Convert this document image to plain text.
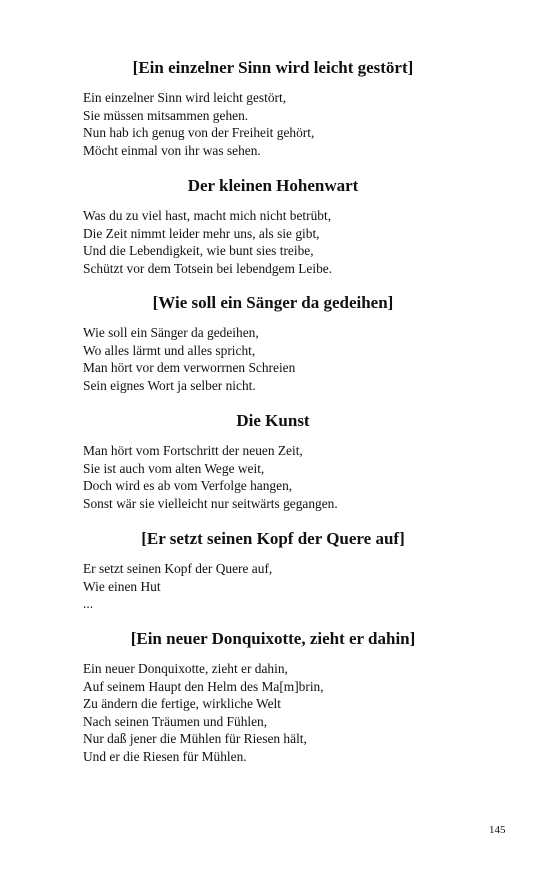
[Ein einzelner Sinn wird leicht gestört]
Ein einzelner Sinn wird leicht gestört,
Sie müssen mitsammen gehen.
Nun hab ich genug von der Freiheit gehört,
Möcht einmal von ihr was sehen.
Der kleinen Hohenwart
Was du zu viel hast, macht mich nicht betrübt,
Die Zeit nimmt leider mehr uns, als sie gibt,
Und die Lebendigkeit, wie bunt sies treibe,
Schützt vor dem Totsein bei lebendgem Leibe.
[Wie soll ein Sänger da gedeihen]
Wie soll ein Sänger da gedeihen,
Wo alles lärmt und alles spricht,
Man hört vor dem verworrnen Schreien
Sein eignes Wort ja selber nicht.
Die Kunst
Man hört vom Fortschritt der neuen Zeit,
Sie ist auch vom alten Wege weit,
Doch wird es ab vom Verfolge hangen,
Sonst wär sie vielleicht nur seitwärts gegangen.
[Er setzt seinen Kopf der Quere auf]
Er setzt seinen Kopf der Quere auf,
Wie einen Hut
...
[Ein neuer Donquixotte, zieht er dahin]
Ein neuer Donquixotte, zieht er dahin,
Auf seinem Haupt den Helm des Ma[m]brin,
Zu ändern die fertige, wirkliche Welt
Nach seinen Träumen und Fühlen,
Nur daß jener die Mühlen für Riesen hält,
Und er die Riesen für Mühlen.
145
